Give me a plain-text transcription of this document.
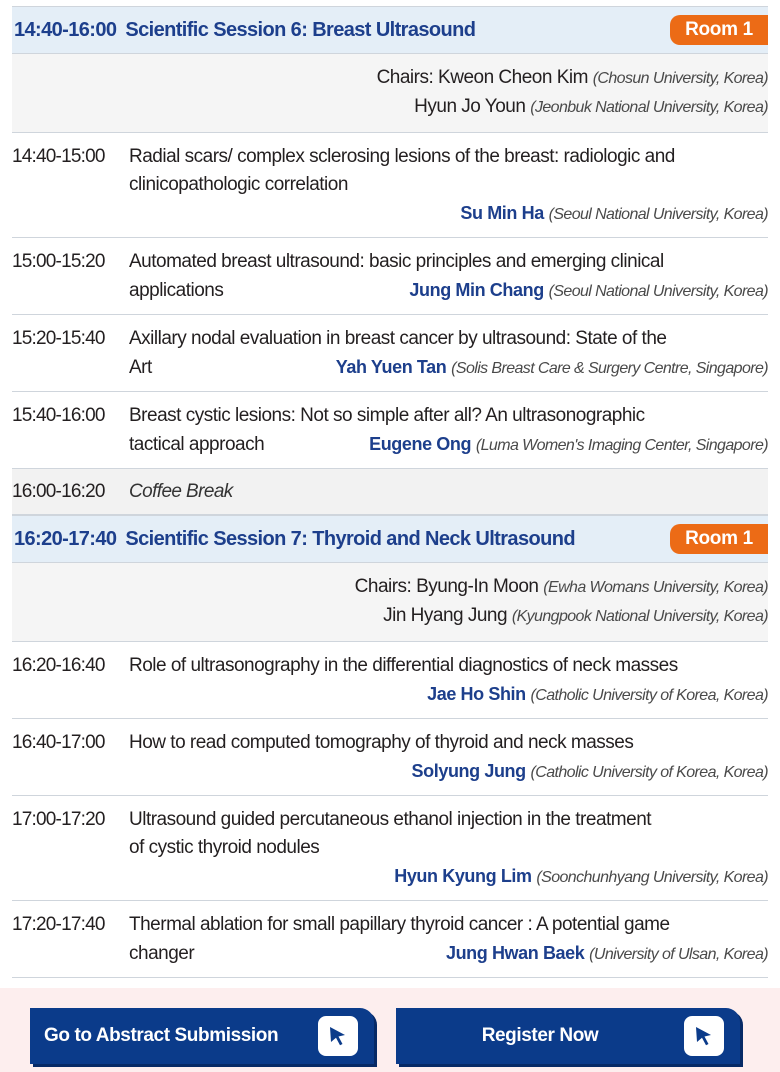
14:40-16:00 Scientific Session 6: Breast Ultrasound	Room 1
Chairs: Kweon Cheon Kim (Chosun University, Korea)
Hyun Jo Youn (Jeonbuk National University, Korea)
14:40-15:00	Radial scars/ complex sclerosing lesions of the breast: radiologic and
clinicopathologic correlation
Su Min Ha (Seoul National University, Korea)
15:00-15:20	Automated breast ultrasound: basic principles and emerging clinical
applications	Jung Min Chang (Seoul National University, Korea)
15:20-15:40	Axillary nodal evaluation in breast cancer by ultrasound: State of the
Art	Yah Yuen Tan (Solis Breast Care & Surgery Centre, Singapore)
15:40-16:00	Breast cystic lesions: Not so simple after all? An ultrasonographic
tactical approach	Eugene Ong (Luma Women's Imaging Center, Singapore)
16:00-16:20	Coffee Break
16:20-17:40 Scientific Session 7: Thyroid and Neck Ultrasound	Room 1
Chairs: Byung-In Moon (Ewha Womans University, Korea)
Jin Hyang Jung (Kyungpook National University, Korea)
16:20-16:40	Role of ultrasonography in the differential diagnostics of neck masses
Jae Ho Shin (Catholic University of Korea, Korea)
16:40-17:00	How to read computed tomography of thyroid and neck masses
Solyung Jung (Catholic University of Korea, Korea)
17:00-17:20	Ultrasound guided percutaneous ethanol injection in the treatment
of cystic thyroid nodules
Hyun Kyung Lim (Soonchunhyang University, Korea)
17:20-17:40	Thermal ablation for small papillary thyroid cancer : A potential game
changer	Jung Hwan Baek (University of Ulsan, Korea)
Go to Abstract Submission	Register Now
